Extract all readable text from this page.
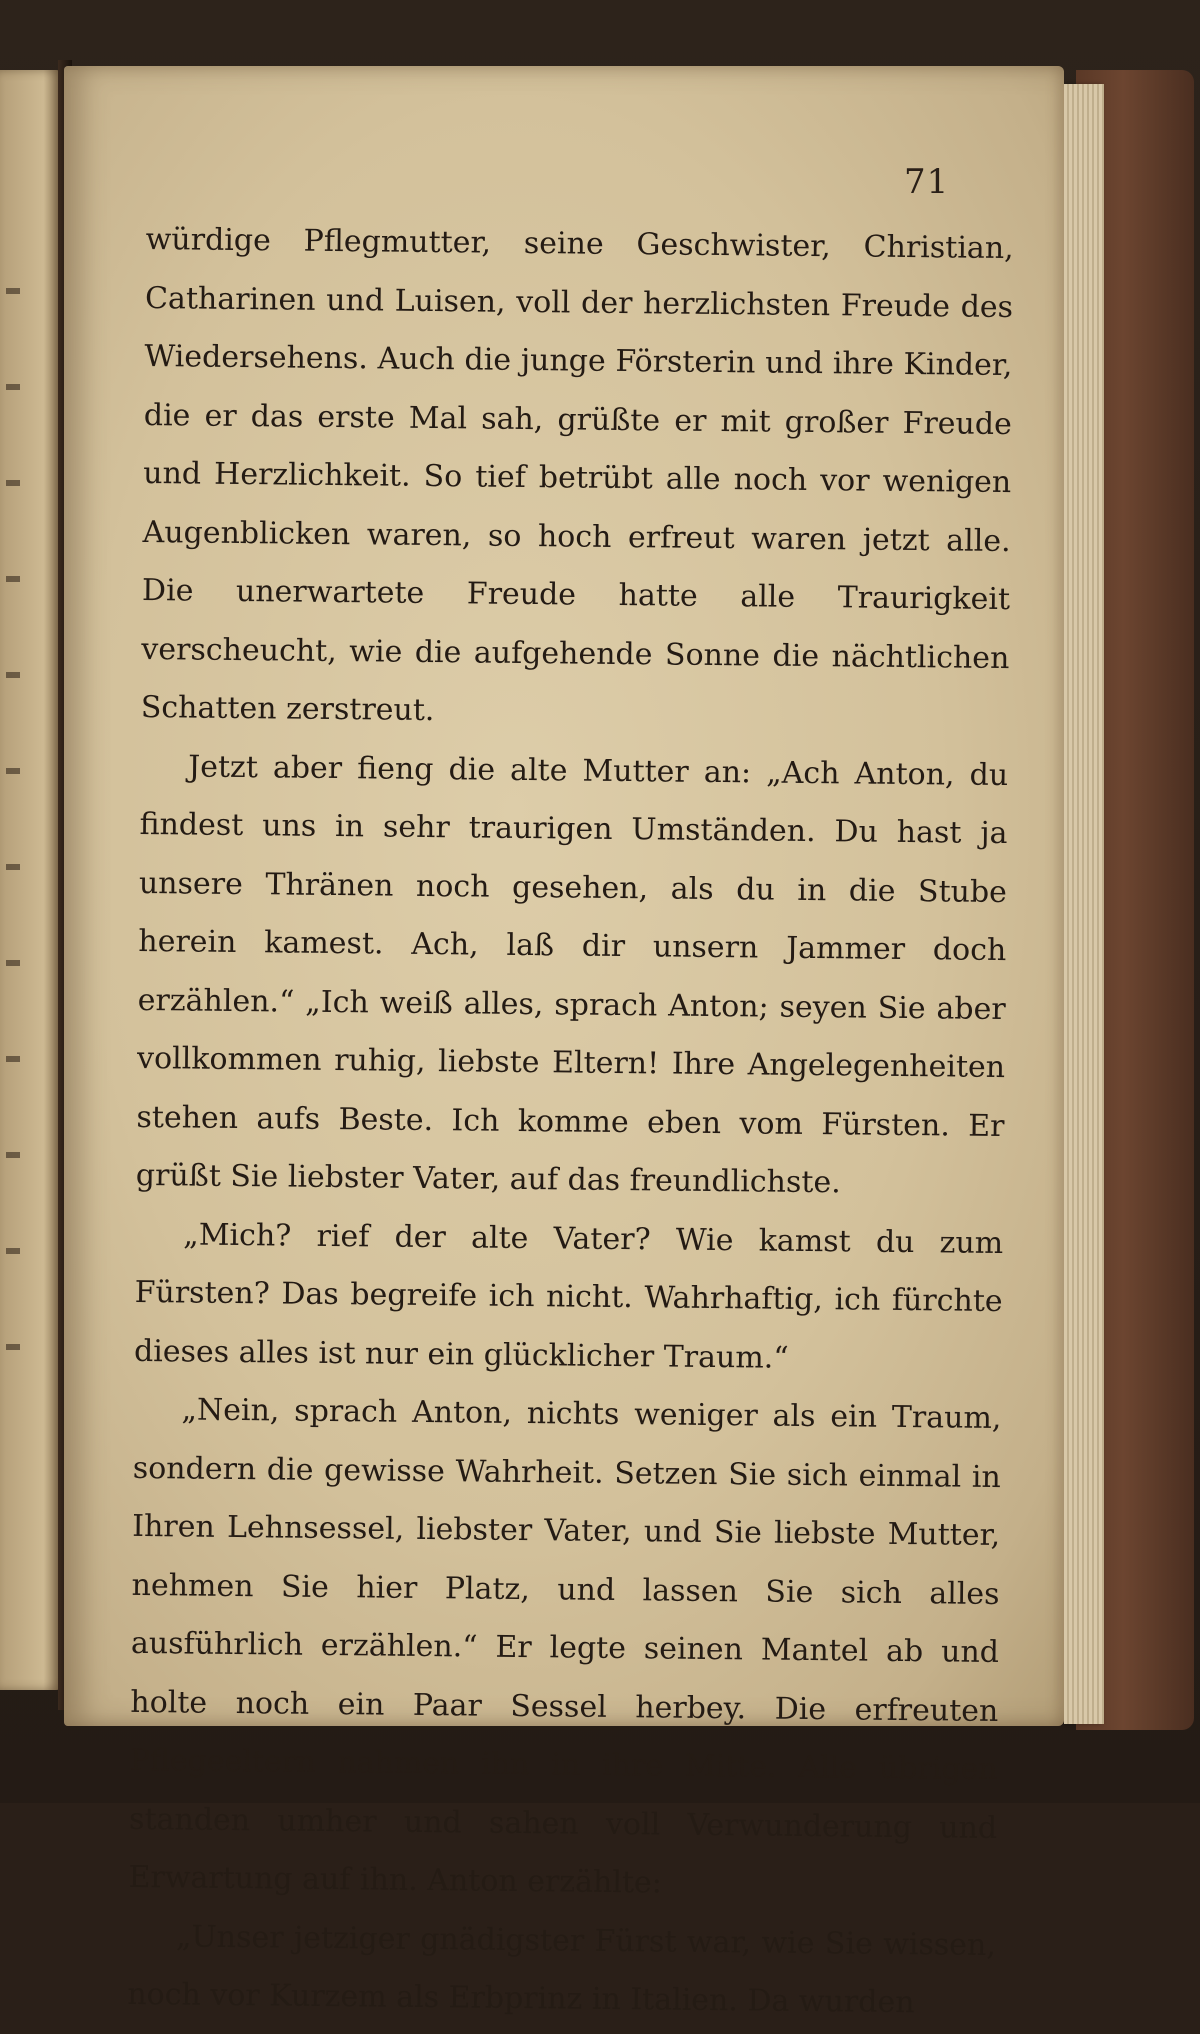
71

würdige Pflegmutter, seine Geschwister, Christian, Catharinen und Luisen, voll der herzlichsten Freude des Wiedersehens. Auch die junge Försterin und ihre Kinder, die er das erste Mal sah, grüßte er mit großer Freude und Herzlichkeit. So tief betrübt alle noch vor wenigen Augenblicken waren, so hoch erfreut waren jetzt alle. Die unerwartete Freude hatte alle Traurigkeit verscheucht, wie die aufgehende Sonne die nächtlichen Schatten zerstreut.

Jetzt aber fieng die alte Mutter an: „Ach Anton, du findest uns in sehr traurigen Umständen. Du hast ja unsere Thränen noch gesehen, als du in die Stube herein kamest. Ach, laß dir unsern Jammer doch erzählen.“ „Ich weiß alles, sprach Anton; seyen Sie aber vollkommen ruhig, liebste Eltern! Ihre Angelegenheiten stehen aufs Beste. Ich komme eben vom Fürsten. Er grüßt Sie liebster Vater, auf das freundlichste.

„Mich? rief der alte Vater? Wie kamst du zum Fürsten? Das begreife ich nicht. Wahrhaftig, ich fürchte dieses alles ist nur ein glücklicher Traum.“

„Nein, sprach Anton, nichts weniger als ein Traum, sondern die gewisse Wahrheit. Setzen Sie sich einmal in Ihren Lehnsessel, liebster Vater, und Sie liebste Mutter, nehmen Sie hier Platz, und lassen Sie sich alles ausführlich erzählen.“ Er legte seinen Mantel ab und holte noch ein Paar Sessel herbey. Die erfreuten Pflegeeltern nahmen ihn in ihre Mitte. Alle übrigen standen umher und sahen voll Verwunderung und Erwartung auf ihn. Anton erzählte:

„Unser jetziger gnädigster Fürst war, wie Sie wissen, noch vor Kurzem als Erbprinz in Italien. Da wurden
